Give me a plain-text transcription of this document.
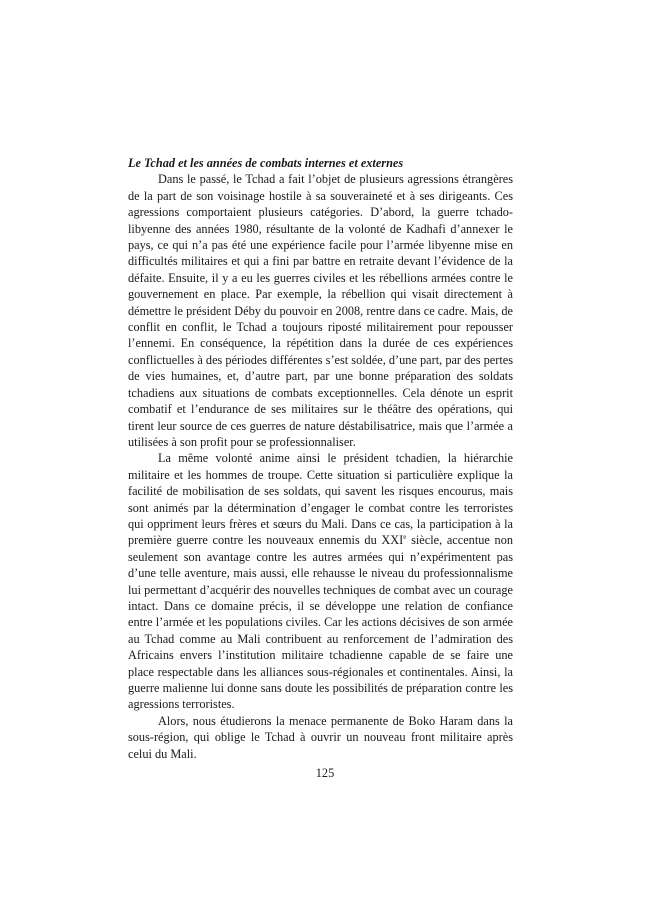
Le Tchad et les années de combats internes et externes

Dans le passé, le Tchad a fait l’objet de plusieurs agressions étrangères de la part de son voisinage hostile à sa souveraineté et à ses dirigeants. Ces agressions comportaient plusieurs catégories. D’abord, la guerre tchado-libyenne des années 1980, résultante de la volonté de Kadhafi d’annexer le pays, ce qui n’a pas été une expérience facile pour l’armée libyenne mise en difficultés militaires et qui a fini par battre en retraite devant l’évidence de la défaite. Ensuite, il y a eu les guerres civiles et les rébellions armées contre le gouvernement en place. Par exemple, la rébellion qui visait directement à démettre le président Déby du pouvoir en 2008, rentre dans ce cadre. Mais, de conflit en conflit, le Tchad a toujours riposté militairement pour repousser l’ennemi. En conséquence, la répétition dans la durée de ces expériences conflictuelles à des périodes différentes s’est soldée, d’une part, par des pertes de vies humaines, et, d’autre part, par une bonne préparation des soldats tchadiens aux situations de combats exceptionnelles. Cela dénote un esprit combatif et l’endurance de ses militaires sur le théâtre des opérations, qui tirent leur source de ces guerres de nature déstabilisatrice, mais que l’armée a utilisées à son profit pour se professionnaliser.

La même volonté anime ainsi le président tchadien, la hiérarchie militaire et les hommes de troupe. Cette situation si particulière explique la facilité de mobilisation de ses soldats, qui savent les risques encourus, mais sont animés par la détermination d’engager le combat contre les terroristes qui oppriment leurs frères et sœurs du Mali. Dans ce cas, la participation à la première guerre contre les nouveaux ennemis du XXIe siècle, accentue non seulement son avantage contre les autres armées qui n’expérimentent pas d’une telle aventure, mais aussi, elle rehausse le niveau du professionnalisme lui permettant d’acquérir des nouvelles techniques de combat avec un courage intact. Dans ce domaine précis, il se développe une relation de confiance entre l’armée et les populations civiles. Car les actions décisives de son armée au Tchad comme au Mali contribuent au renforcement de l’admiration des Africains envers l’institution militaire tchadienne capable de se faire une place respectable dans les alliances sous-régionales et continentales. Ainsi, la guerre malienne lui donne sans doute les possibilités de préparation contre les agressions terroristes.

Alors, nous étudierons la menace permanente de Boko Haram dans la sous-région, qui oblige le Tchad à ouvrir un nouveau front militaire après celui du Mali.

125
